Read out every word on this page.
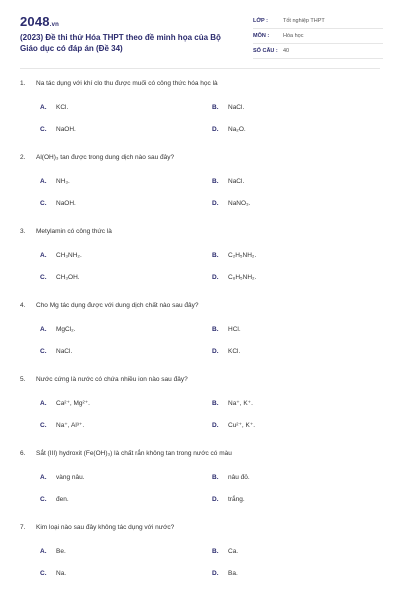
2048.vn
(2023) Đề thi thử Hóa THPT theo đề minh họa của Bộ Giáo dục có đáp án (Đề 34)
LỚP :	Tốt nghiệp THPT
MÔN :	Hóa học
SỐ CÂU : 40
1. Na tác dụng với khí clo thu được muối có công thức hóa học là
A. KCl.	B. NaCl.
C. NaOH.	D. Na₂O.
2. Al(OH)₃ tan được trong dung dịch nào sau đây?
A. NH₃.	B. NaCl.
C. NaOH.	D. NaNO₃.
3. Metylamin có công thức là
A. CH₃NH₂.	B. C₂H₅NH₂.
C. CH₃OH.	D. C₆H₅NH₂.
4. Cho Mg tác dụng được với dung dịch chất nào sau đây?
A. MgCl₂.	B. HCl.
C. NaCl.	D. KCl.
5. Nước cứng là nước có chứa nhiều ion nào sau đây?
A. Ca²⁺, Mg²⁺.	B. Na⁺, K⁺.
C. Na⁺, Al³⁺.	D. Cu²⁺, K⁺.
6. Sắt (III) hydroxit (Fe(OH)₃) là chất rắn không tan trong nước có màu
A. vàng nâu.	B. nâu đỏ.
C. đen.	D. trắng.
7. Kim loại nào sau đây không tác dụng với nước?
A. Be.	B. Ca.
C. Na.	D. Ba.
